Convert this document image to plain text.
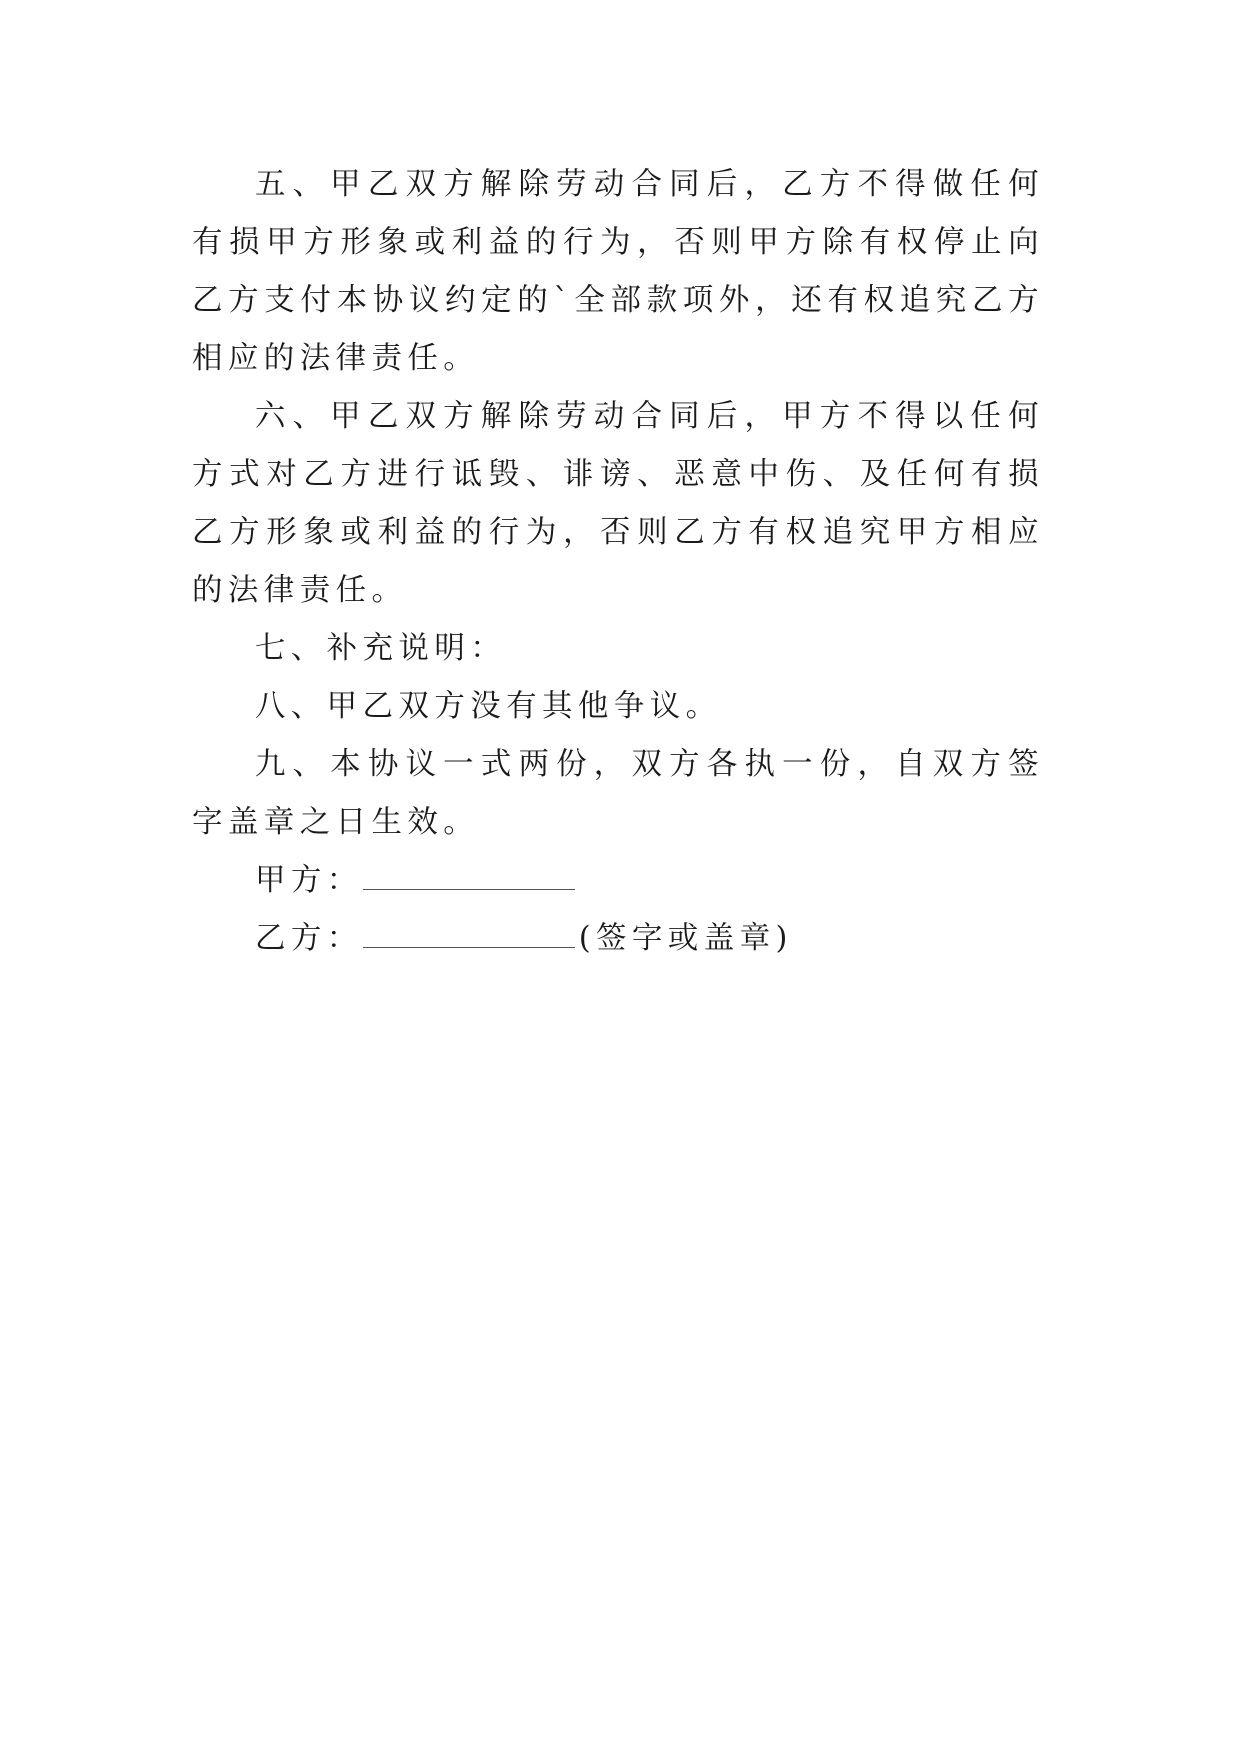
五、甲乙双方解除劳动合同后，乙方不得做任何有损甲方形象或利益的行为，否则甲方除有权停止向乙方支付本协议约定的`全部款项外，还有权追究乙方相应的法律责任。

六、甲乙双方解除劳动合同后，甲方不得以任何方式对乙方进行诋毁、诽谤、恶意中伤、及任何有损乙方形象或利益的行为，否则乙方有权追究甲方相应的法律责任。

七、补充说明：

八、甲乙双方没有其他争议。

九、本协议一式两份，双方各执一份，自双方签字盖章之日生效。

甲方：
乙方：	(签字或盖章)
